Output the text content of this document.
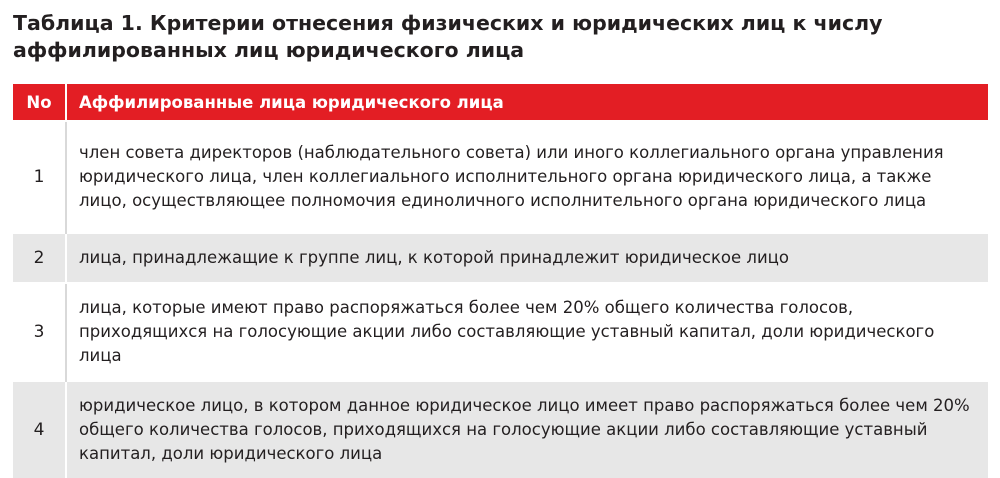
Таблица 1. Критерии отнесения физических и юридических лиц к числу аффилированных лиц юридического лица
No	Аффилированные лица юридического лица
1	член совета директоров (наблюдательного совета) или иного коллегиального органа управления юридического лица, член коллегиального исполнительного органа юридического лица, а также лицо, осуществляющее полномочия единоличного исполнительного органа юридического лица
2	лица, принадлежащие к группе лиц, к которой принадлежит юридическое лицо
3	лица, которые имеют право распоряжаться более чем 20% общего количества голосов, приходящихся на голосующие акции либо составляющие уставный капитал, доли юридического лица
4	юридическое лицо, в котором данное юридическое лицо имеет право распоряжаться более чем 20% общего количества голосов, приходящихся на голосующие акции либо составляющие уставный капитал, доли юридического лица
